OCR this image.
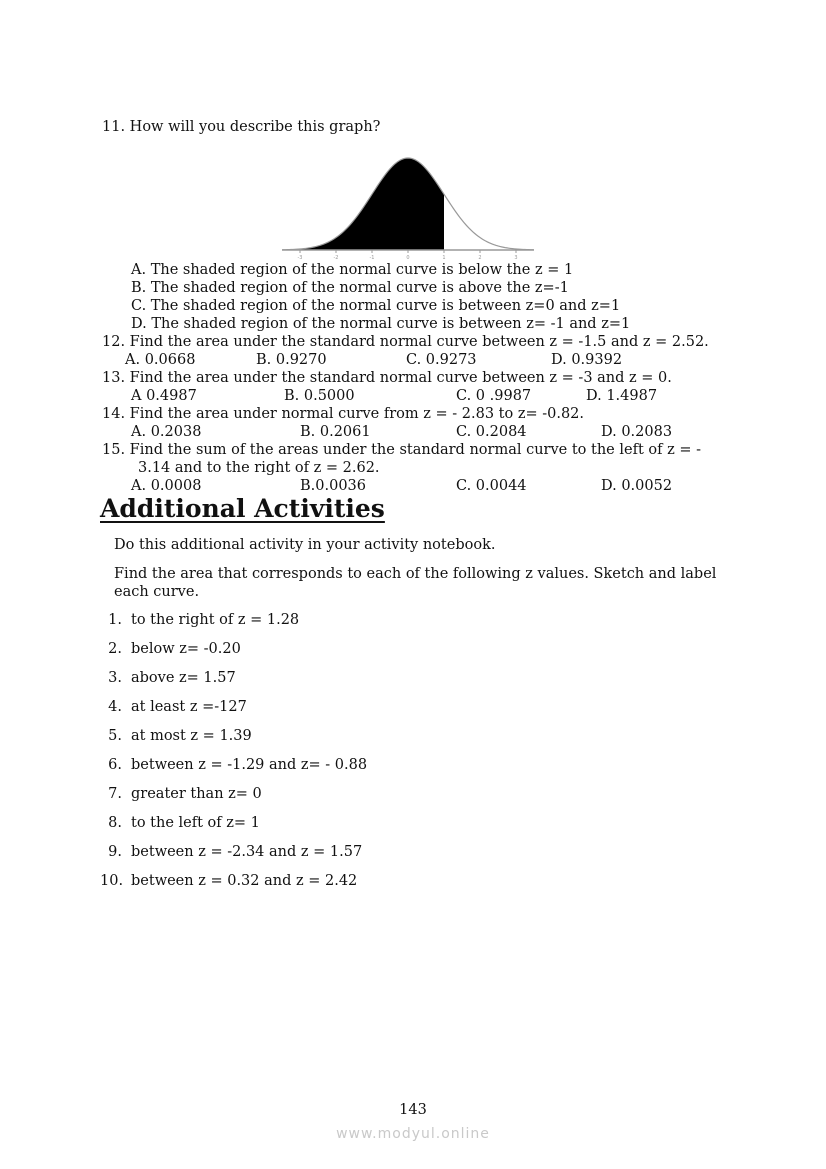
11. How will you describe this graph?
-3	-2	-1	0	1	2	3
A. The shaded region of the normal curve is below the z = 1
B. The shaded region of the normal curve is above the z=-1
C. The shaded region of the normal curve is between z=0 and z=1
D. The shaded region of the normal curve is between z= -1 and z=1
12. Find the area under the standard normal curve between z = -1.5 and z = 2.52.
A. 0.0668	B. 0.9270	C. 0.9273	D. 0.9392
13. Find the area under the standard normal curve between z = -3 and z = 0.
A 0.4987	B. 0.5000	C. 0 .9987	D. 1.4987
14. Find the area under normal curve from z = - 2.83 to z= -0.82.
A. 0.2038	B. 0.2061	C. 0.2084	D. 0.2083
15. Find the sum of the areas under the standard normal curve to the left of z = -
3.14 and to the right of z = 2.62.
A. 0.0008	B.0.0036	C. 0.0044	D. 0.0052
Additional Activities
Do this additional activity in your activity notebook.
Find the area that corresponds to each of the following z values. Sketch and label each curve.
1. to the right of z = 1.28
2. below z= -0.20
3. above z= 1.57
4. at least z =-127
5. at most z = 1.39
6. between z = -1.29 and z= - 0.88
7. greater than z= 0
8. to the left of z= 1
9. between z = -2.34 and z = 1.57
10. between z = 0.32 and z = 2.42
143
www.modyul.online
